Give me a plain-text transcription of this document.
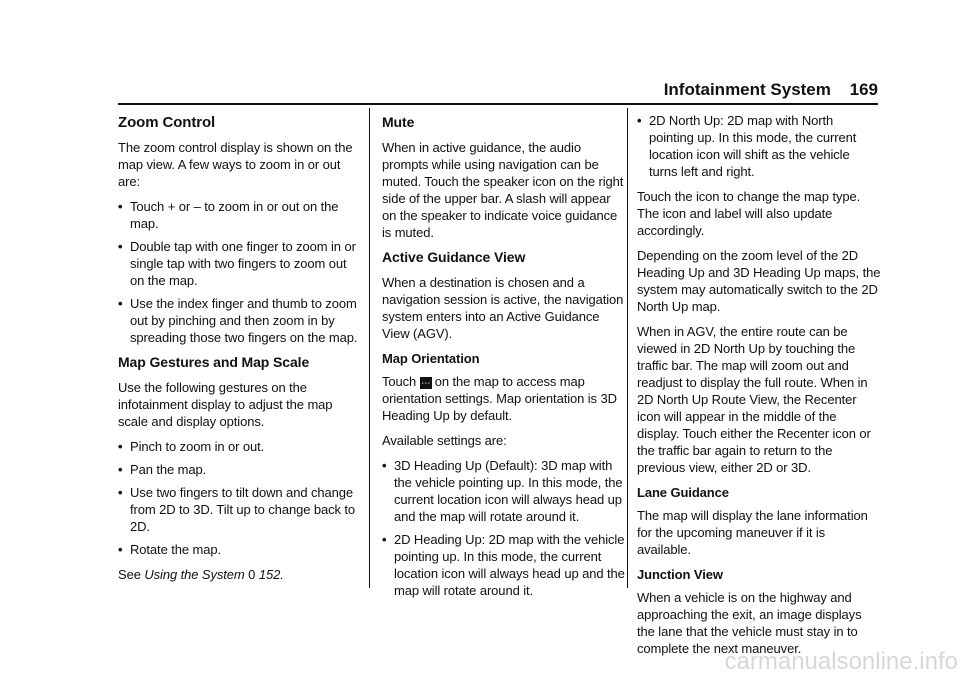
Infotainment System 169
Zoom Control

The zoom control display is shown on the map view. A few ways to zoom in or out are:

• Touch + or – to zoom in or out on the map.
• Double tap with one finger to zoom in or single tap with two fingers to zoom out on the map.
• Use the index finger and thumb to zoom out by pinching and then zoom in by spreading those two fingers on the map.
Map Gestures and Map Scale

Use the following gestures on the infotainment display to adjust the map scale and display options.

• Pinch to zoom in or out.
• Pan the map.
• Use two fingers to tilt down and change from 2D to 3D. Tilt up to change back to 2D.
• Rotate the map.

See Using the System 0 152.

Mute

When in active guidance, the audio prompts while using navigation can be muted. Touch the speaker icon on the right side of the upper bar. A slash will appear on the speaker to indicate voice guidance is muted.

Active Guidance View

When a destination is chosen and a navigation session is active, the navigation system enters into an Active Guidance View (AGV).

Map Orientation

Touch ⋯ on the map to access map orientation settings. Map orientation is 3D Heading Up by default.

Available settings are:

• 3D Heading Up (Default): 3D map with the vehicle pointing up. In this mode, the current location icon will always head up and the map will rotate around it.
• 2D Heading Up: 2D map with the vehicle pointing up. In this mode, the current location icon will always head up and the map will rotate around it.
• 2D North Up: 2D map with North pointing up. In this mode, the current location icon will shift as the vehicle turns left and right.

Touch the icon to change the map type. The icon and label will also update accordingly.

Depending on the zoom level of the 2D Heading Up and 3D Heading Up maps, the system may automatically switch to the 2D North Up map.

When in AGV, the entire route can be viewed in 2D North Up by touching the traffic bar. The map will zoom out and readjust to display the full route. When in 2D North Up Route View, the Recenter icon will appear in the middle of the display. Touch either the Recenter icon or the traffic bar again to return to the previous view, either 2D or 3D.

Lane Guidance

The map will display the lane information for the upcoming maneuver if it is available.

Junction View

When a vehicle is on the highway and approaching the exit, an image displays the lane that the vehicle must stay in to complete the next maneuver.

carmanualsonline.info
